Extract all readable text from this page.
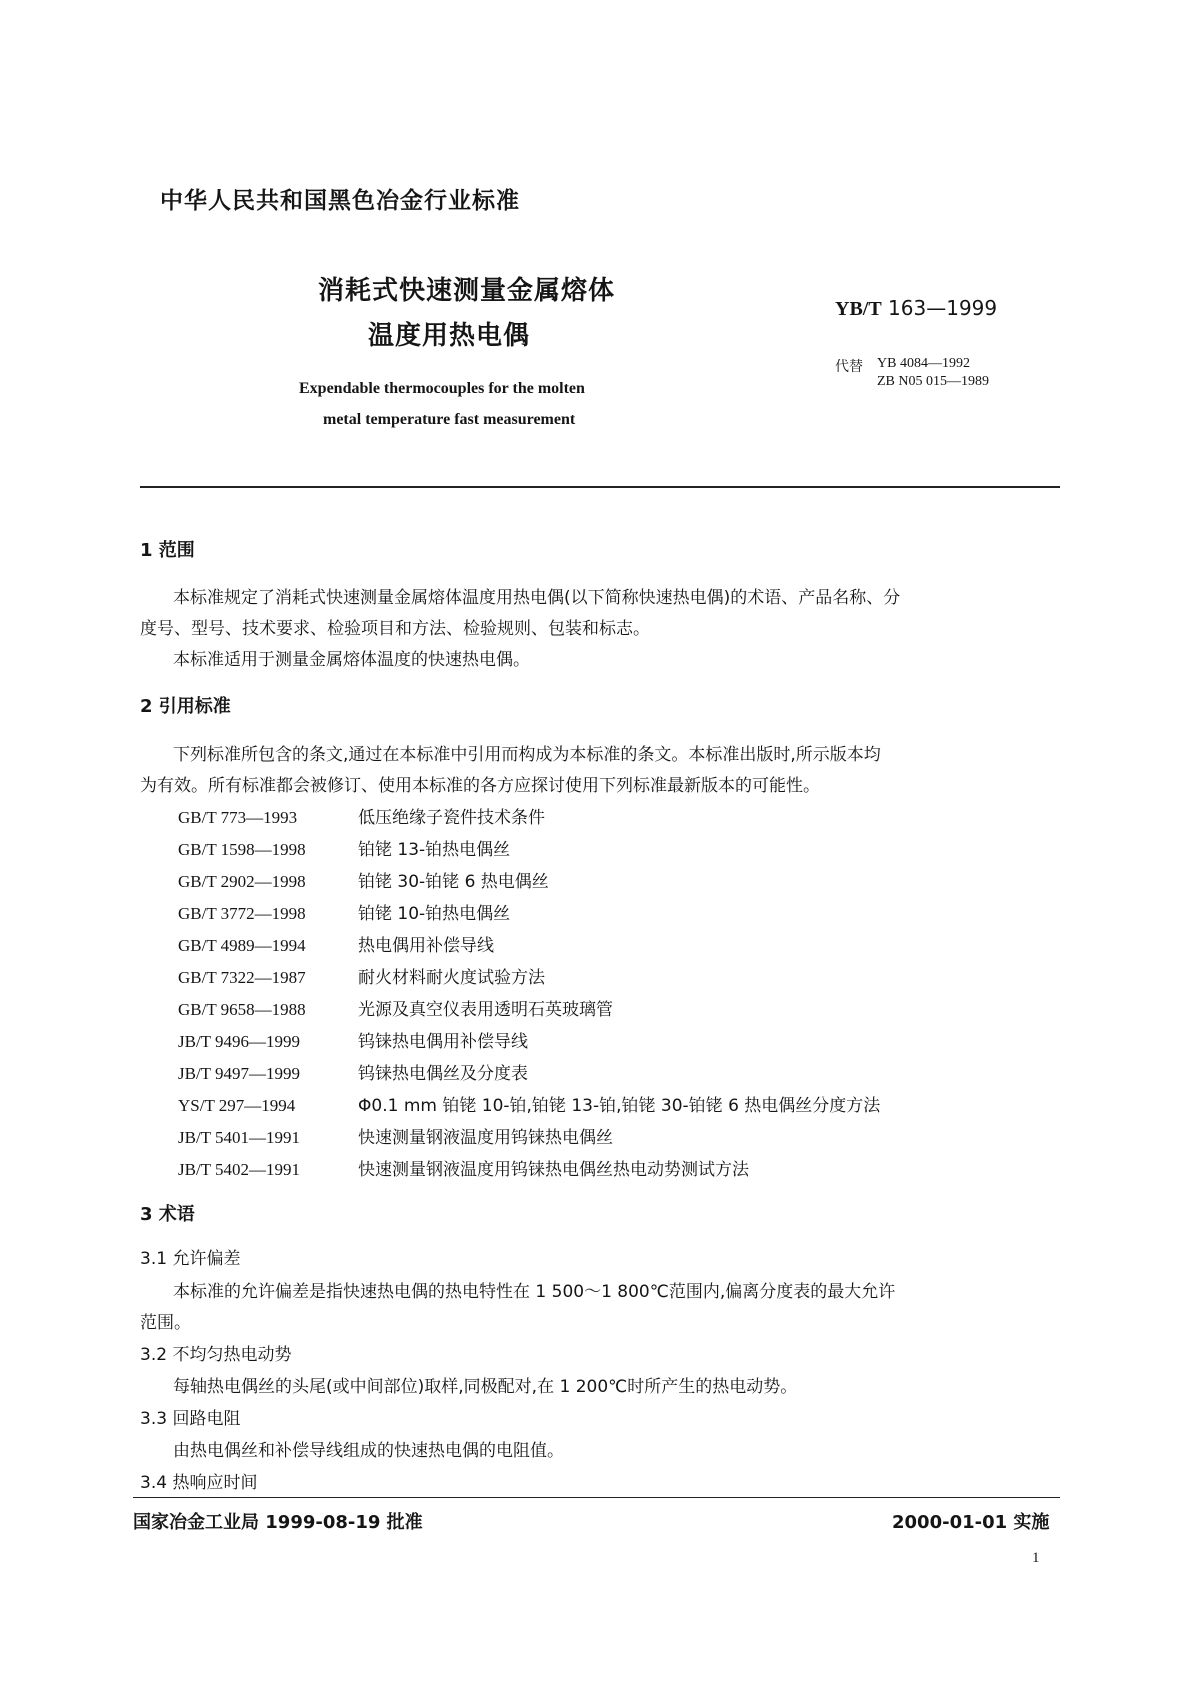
中华人民共和国黑色冶金行业标准
消耗式快速测量金属熔体
温度用热电偶
YB/T 163—1999
代替 YB 4084—1992
ZB N05 015—1989
Expendable thermocouples for the molten
metal temperature fast measurement
1 范围
本标准规定了消耗式快速测量金属熔体温度用热电偶(以下简称快速热电偶)的术语、产品名称、分
度号、型号、技术要求、检验项目和方法、检验规则、包装和标志。
本标准适用于测量金属熔体温度的快速热电偶。
2 引用标准
下列标准所包含的条文,通过在本标准中引用而构成为本标准的条文。本标准出版时,所示版本均
为有效。所有标准都会被修订、使用本标准的各方应探讨使用下列标准最新版本的可能性。
GB/T 773—1993	低压绝缘子瓷件技术条件
GB/T 1598—1998	铂铑 13-铂热电偶丝
GB/T 2902—1998	铂铑 30-铂铑 6 热电偶丝
GB/T 3772—1998	铂铑 10-铂热电偶丝
GB/T 4989—1994	热电偶用补偿导线
GB/T 7322—1987	耐火材料耐火度试验方法
GB/T 9658—1988	光源及真空仪表用透明石英玻璃管
JB/T 9496—1999	钨铼热电偶用补偿导线
JB/T 9497—1999	钨铼热电偶丝及分度表
YS/T 297—1994	Φ0.1 mm 铂铑 10-铂,铂铑 13-铂,铂铑 30-铂铑 6 热电偶丝分度方法
JB/T 5401—1991	快速测量钢液温度用钨铼热电偶丝
JB/T 5402—1991	快速测量钢液温度用钨铼热电偶丝热电动势测试方法
3 术语
3.1 允许偏差
本标准的允许偏差是指快速热电偶的热电特性在 1 500～1 800℃范围内,偏离分度表的最大允许
范围。
3.2 不均匀热电动势
每轴热电偶丝的头尾(或中间部位)取样,同极配对,在 1 200℃时所产生的热电动势。
3.3 回路电阻
由热电偶丝和补偿导线组成的快速热电偶的电阻值。
3.4 热响应时间
国家冶金工业局 1999-08-19 批准	2000-01-01 实施
1
